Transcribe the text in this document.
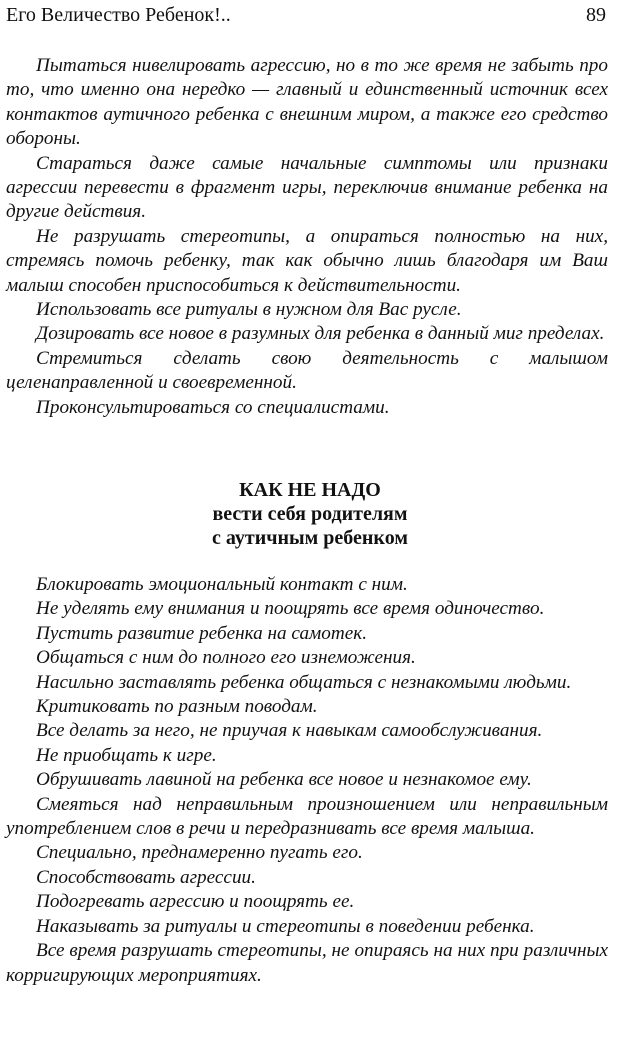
Его Величество Ребенок!..	89

Пытаться нивелировать агрессию, но в то же время не забыть про то, что именно она нередко — главный и единственный источник всех контактов аутичного ребенка с внешним миром, а также его средство обороны.

Стараться даже самые начальные симптомы или признаки агрессии перевести в фрагмент игры, переключив внимание ребенка на другие действия.

Не разрушать стереотипы, а опираться полностью на них, стремясь помочь ребенку, так как обычно лишь благодаря им Ваш малыш способен приспособиться к действительности.

Использовать все ритуалы в нужном для Вас русле.

Дозировать все новое в разумных для ребенка в данный миг пределах.

Стремиться сделать свою деятельность с малышом целенаправленной и своевременной.

Проконсультироваться со специалистами.

КАК НЕ НАДО
вести себя родителям
с аутичным ребенком

Блокировать эмоциональный контакт с ним.

Не уделять ему внимания и поощрять все время одиночество.

Пустить развитие ребенка на самотек.

Общаться с ним до полного его изнеможения.

Насильно заставлять ребенка общаться с незнакомыми людьми.

Критиковать по разным поводам.

Все делать за него, не приучая к навыкам самообслуживания.

Не приобщать к игре.

Обрушивать лавиной на ребенка все новое и незнакомое ему.

Смеяться над неправильным произношением или неправильным употреблением слов в речи и передразнивать все время малыша.

Специально, преднамеренно пугать его.

Способствовать агрессии.

Подогревать агрессию и поощрять ее.

Наказывать за ритуалы и стереотипы в поведении ребенка.

Все время разрушать стереотипы, не опираясь на них при различных корригирующих мероприятиях.
